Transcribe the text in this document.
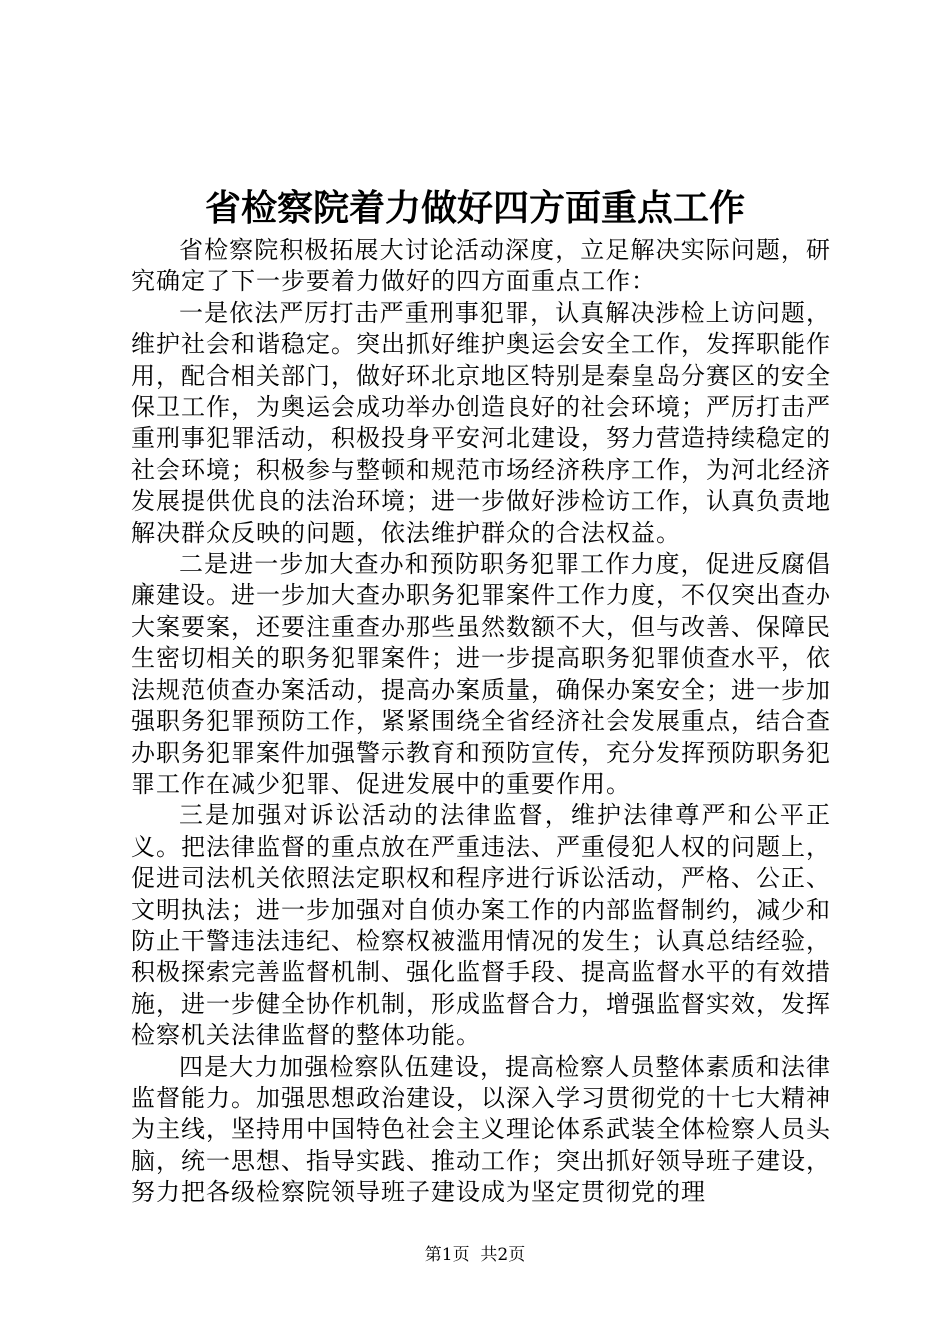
省检察院着力做好四方面重点工作

省检察院积极拓展大讨论活动深度，立足解决实际问题，研究确定了下一步要着力做好的四方面重点工作：

一是依法严厉打击严重刑事犯罪，认真解决涉检上访问题，维护社会和谐稳定。突出抓好维护奥运会安全工作，发挥职能作用，配合相关部门，做好环北京地区特别是秦皇岛分赛区的安全保卫工作，为奥运会成功举办创造良好的社会环境；严厉打击严重刑事犯罪活动，积极投身平安河北建设，努力营造持续稳定的社会环境；积极参与整顿和规范市场经济秩序工作，为河北经济发展提供优良的法治环境；进一步做好涉检访工作，认真负责地解决群众反映的问题，依法维护群众的合法权益。

二是进一步加大查办和预防职务犯罪工作力度，促进反腐倡廉建设。进一步加大查办职务犯罪案件工作力度，不仅突出查办大案要案，还要注重查办那些虽然数额不大，但与改善、保障民生密切相关的职务犯罪案件；进一步提高职务犯罪侦查水平，依法规范侦查办案活动，提高办案质量，确保办案安全；进一步加强职务犯罪预防工作，紧紧围绕全省经济社会发展重点，结合查办职务犯罪案件加强警示教育和预防宣传，充分发挥预防职务犯罪工作在减少犯罪、促进发展中的重要作用。

三是加强对诉讼活动的法律监督，维护法律尊严和公平正义。把法律监督的重点放在严重违法、严重侵犯人权的问题上，促进司法机关依照法定职权和程序进行诉讼活动，严格、公正、文明执法；进一步加强对自侦办案工作的内部监督制约，减少和防止干警违法违纪、检察权被滥用情况的发生；认真总结经验，积极探索完善监督机制、强化监督手段、提高监督水平的有效措施，进一步健全协作机制，形成监督合力，增强监督实效，发挥检察机关法律监督的整体功能。

四是大力加强检察队伍建设，提高检察人员整体素质和法律监督能力。加强思想政治建设，以深入学习贯彻党的十七大精神为主线，坚持用中国特色社会主义理论体系武装全体检察人员头脑，统一思想、指导实践、推动工作；突出抓好领导班子建设，努力把各级检察院领导班子建设成为坚定贯彻党的理

第1页  共2页
